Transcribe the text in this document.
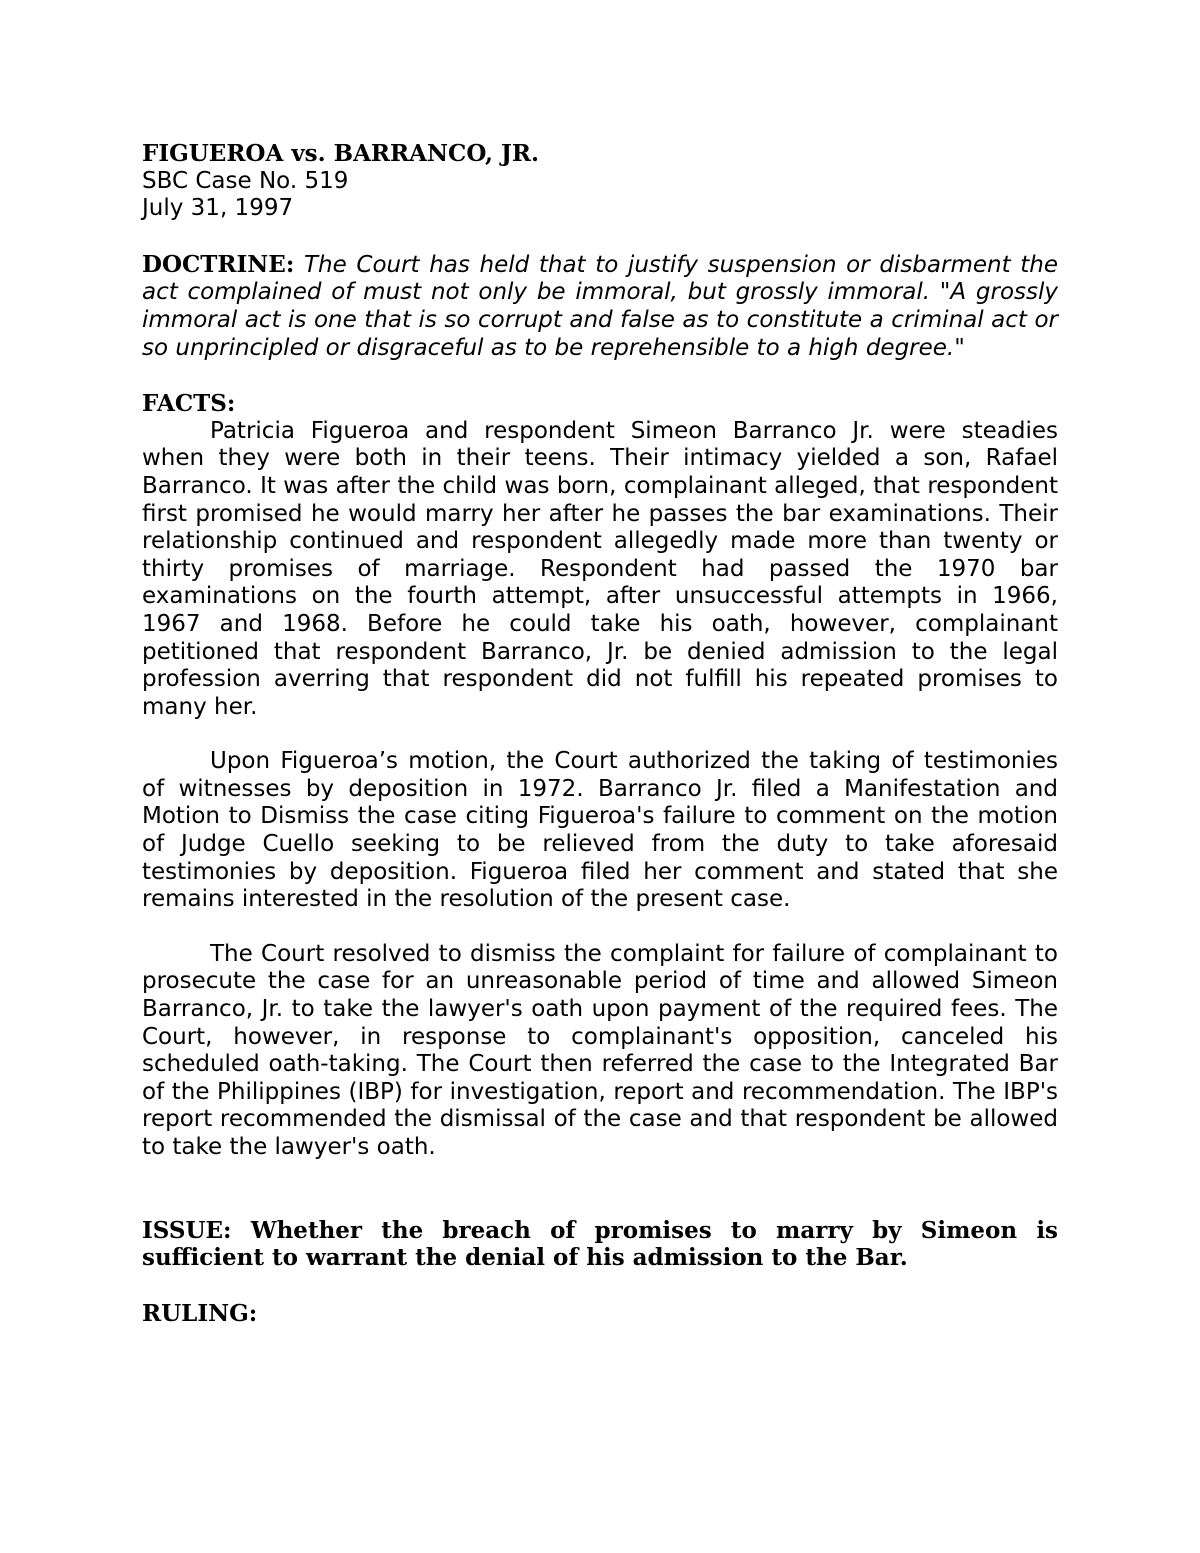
FIGUEROA vs. BARRANCO, JR.
SBC Case No. 519
July 31, 1997

DOCTRINE: The Court has held that to justify suspension or disbarment the act complained of must not only be immoral, but grossly immoral. "A grossly immoral act is one that is so corrupt and false as to constitute a criminal act or so unprincipled or disgraceful as to be reprehensible to a high degree."

FACTS:

Patricia Figueroa and respondent Simeon Barranco Jr. were steadies when they were both in their teens. Their intimacy yielded a son, Rafael Barranco. It was after the child was born, complainant alleged, that respondent first promised he would marry her after he passes the bar examinations. Their relationship continued and respondent allegedly made more than twenty or thirty promises of marriage. Respondent had passed the 1970 bar examinations on the fourth attempt, after unsuccessful attempts in 1966, 1967 and 1968. Before he could take his oath, however, complainant petitioned that respondent Barranco, Jr. be denied admission to the legal profession averring that respondent did not fulfill his repeated promises to many her.

Upon Figueroa’s motion, the Court authorized the taking of testimonies of witnesses by deposition in 1972. Barranco Jr. filed a Manifestation and Motion to Dismiss the case citing Figueroa's failure to comment on the motion of Judge Cuello seeking to be relieved from the duty to take aforesaid testimonies by deposition. Figueroa filed her comment and stated that she remains interested in the resolution of the present case.

The Court resolved to dismiss the complaint for failure of complainant to prosecute the case for an unreasonable period of time and allowed Simeon Barranco, Jr. to take the lawyer's oath upon payment of the required fees. The Court, however, in response to complainant's opposition, canceled his scheduled oath-taking. The Court then referred the case to the Integrated Bar of the Philippines (IBP) for investigation, report and recommendation. The IBP's report recommended the dismissal of the case and that respondent be allowed to take the lawyer's oath.

ISSUE: Whether the breach of promises to marry by Simeon is sufficient to warrant the denial of his admission to the Bar.

RULING:
